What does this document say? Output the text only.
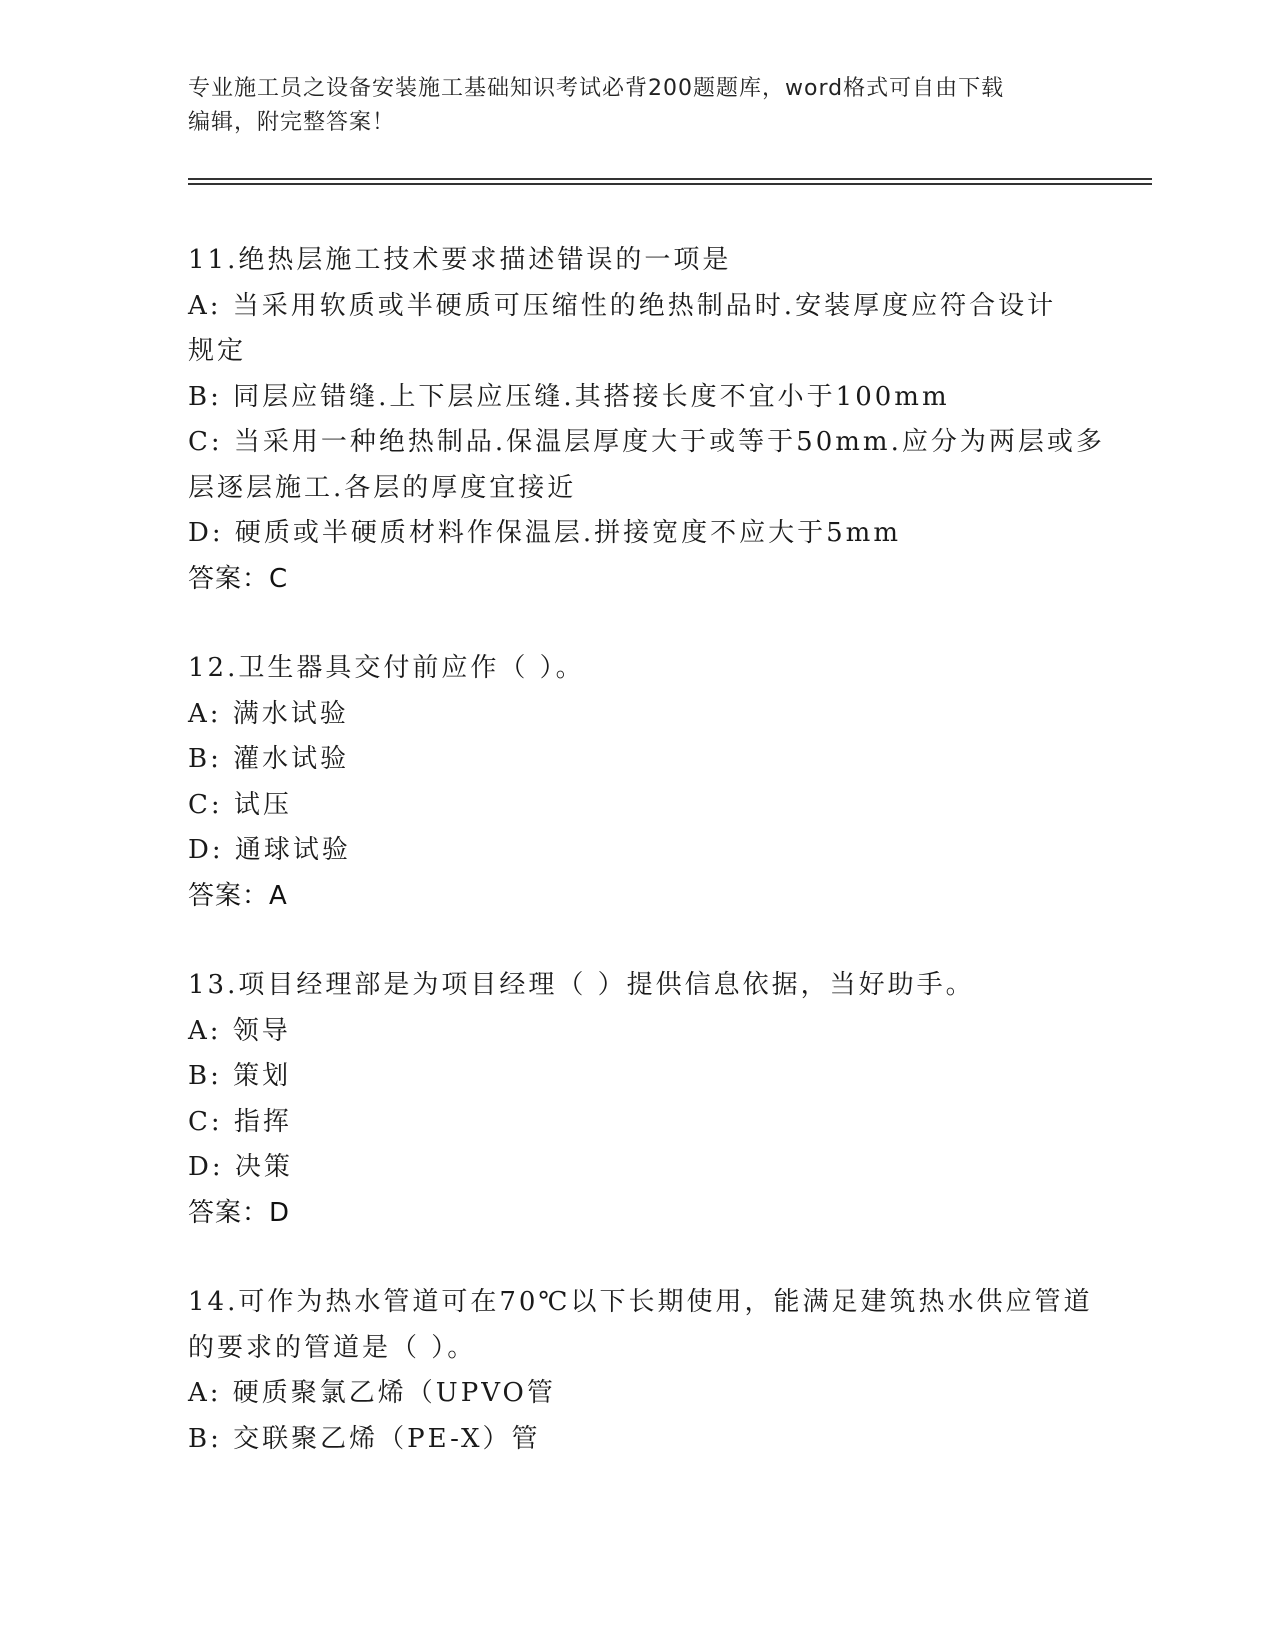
专业施工员之设备安装施工基础知识考试必背200题题库，word格式可自由下载
编辑，附完整答案！
11.绝热层施工技术要求描述错误的一项是
A: 当采用软质或半硬质可压缩性的绝热制品时.安装厚度应符合设计
规定
B: 同层应错缝.上下层应压缝.其搭接长度不宜小于100mm
C: 当采用一种绝热制品.保温层厚度大于或等于50mm.应分为两层或多
层逐层施工.各层的厚度宜接近
D: 硬质或半硬质材料作保温层.拼接宽度不应大于5mm
答案：C
12.卫生器具交付前应作（ ）。
A: 满水试验
B: 灌水试验
C: 试压
D: 通球试验
答案：A
13.项目经理部是为项目经理（ ）提供信息依据，当好助手。
A: 领导
B: 策划
C: 指挥
D: 决策
答案：D
14.可作为热水管道可在70℃以下长期使用，能满足建筑热水供应管道
的要求的管道是（ ）。
A: 硬质聚氯乙烯（UPVO管
B: 交联聚乙烯（PE-X）管
